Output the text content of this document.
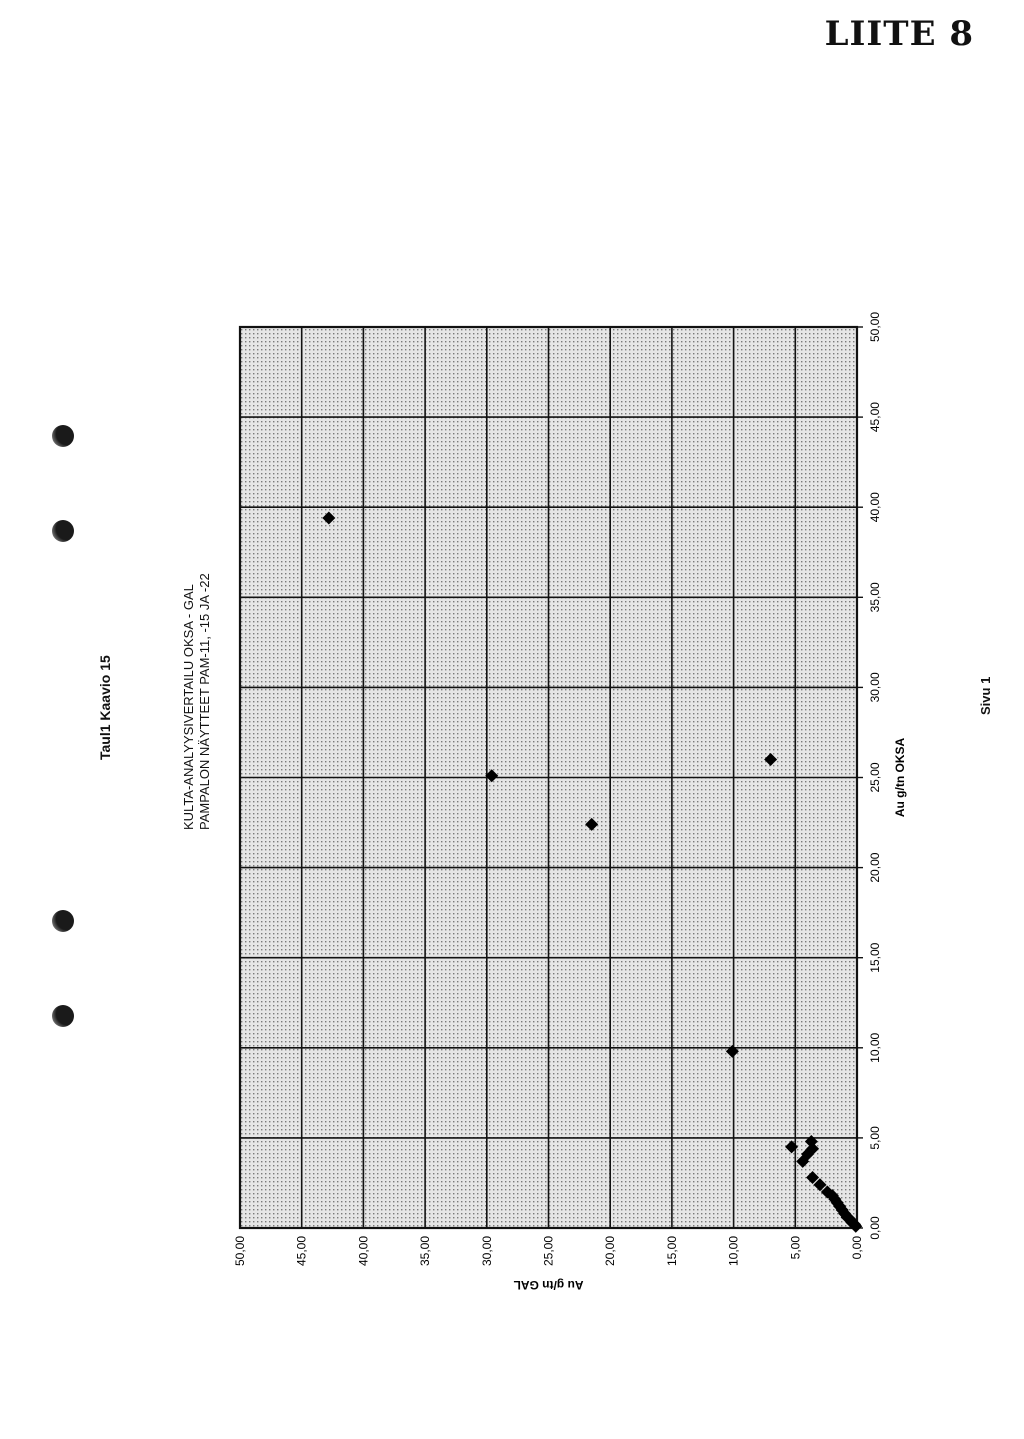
LIITE 8
Taul1 Kaavio 15	KULTA-ANALYYSIVERTAILU OKSA - GAL PAMPALON NÄYTTEET PAM-11, -15 JA -22	Sivu 1
0,00
5,00
10,00
15,00
20,00
25,00
30,00
35,00
40,00
45,00
50,00
0,00
5,00
10,00
15,00
20,00
25,00
30,00
35,00
40,00
45,00
50,00
Au g/tn OKSA
Au g/tn GAL
